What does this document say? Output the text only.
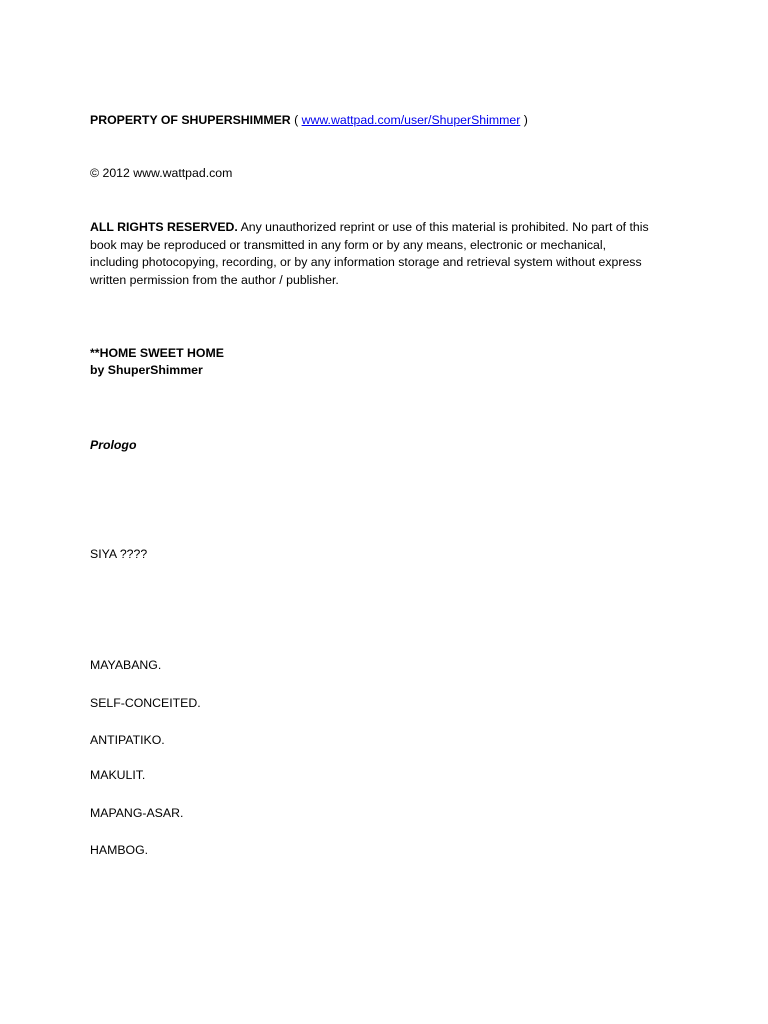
PROPERTY OF SHUPERSHIMMER ( www.wattpad.com/user/ShuperShimmer )
© 2012 www.wattpad.com
ALL RIGHTS RESERVED. Any unauthorized reprint or use of this material is prohibited. No part of this
book may be reproduced or transmitted in any form or by any means, electronic or mechanical,
including photocopying, recording, or by any information storage and retrieval system without express
written permission from the author / publisher.
**HOME SWEET HOME
by ShuperShimmer
Prologo
SIYA ????
MAYABANG.
SELF-CONCEITED.
ANTIPATIKO.
MAKULIT.
MAPANG-ASAR.
HAMBOG.
